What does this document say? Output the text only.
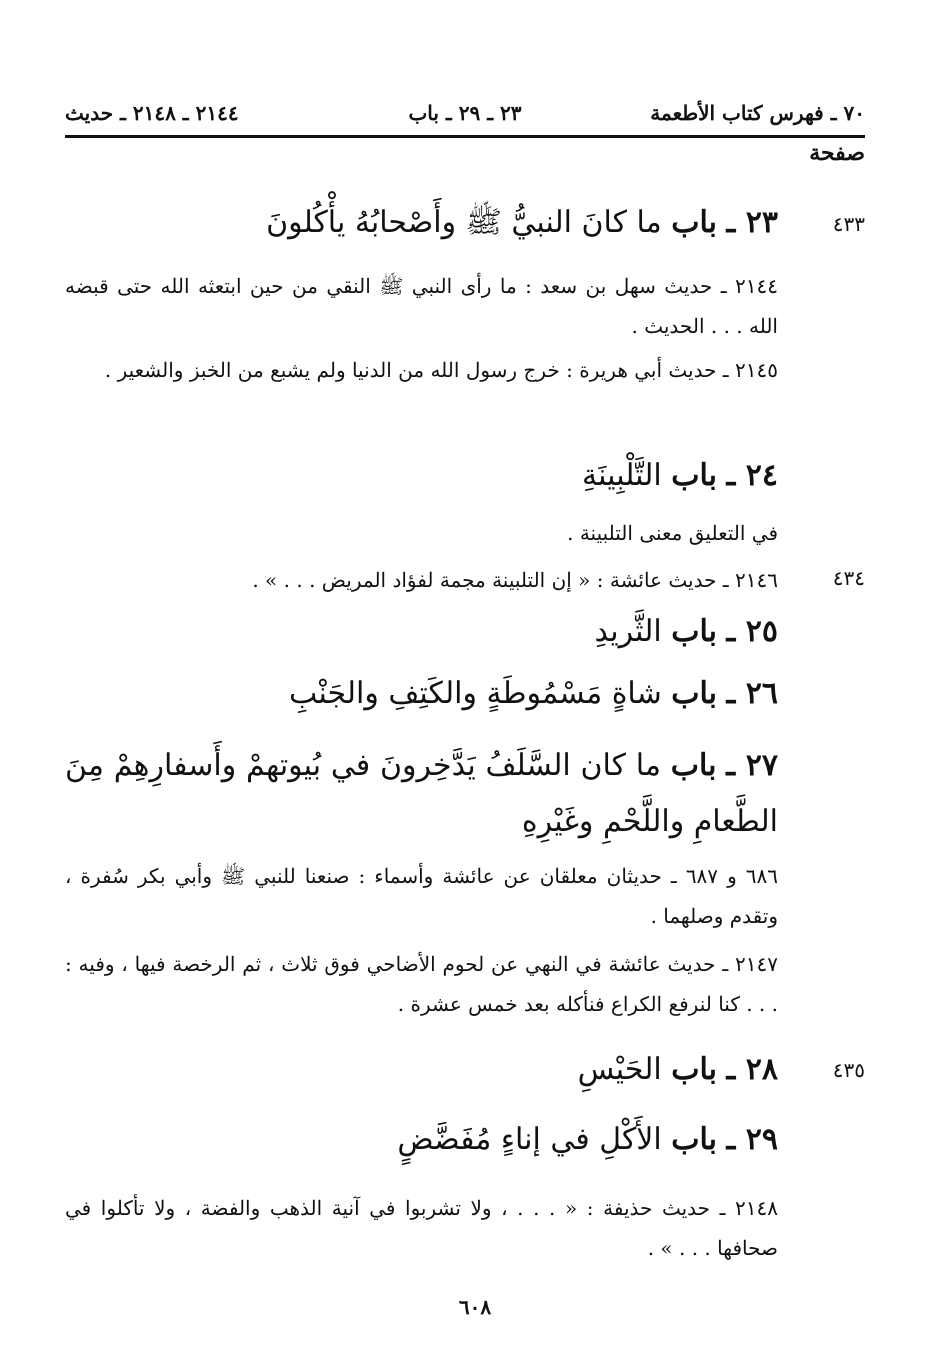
٧٠ ـ فهرس كتاب الأطعمة
٢٣ ـ ٢٩ ـ باب
٢١٤٤ ـ ٢١٤٨ ـ حديث
صفحة
٤٣٣
٢٣ ـ باب ما كانَ النبيُّ ﷺ وأَصْحابُهُ يأْكُلونَ
٢١٤٤ ـ حديث سهل بن سعد : ما رأى النبي ﷺ النقي من حين ابتعثه الله حتى قبضه الله . . . الحديث .
٢١٤٥ ـ حديث أبي هريرة : خرج رسول الله من الدنيا ولم يشبع من الخبز والشعير .
٢٤ ـ باب التَّلْبِينَةِ
في التعليق معنى التلبينة .
٤٣٤
٢١٤٦ ـ حديث عائشة : « إن التلبينة مجمة لفؤاد المريض . . . » .
٢٥ ـ باب الثَّريدِ
٢٦ ـ باب شاةٍ مَسْمُوطَةٍ والكَتِفِ والجَنْبِ
٢٧ ـ باب ما كان السَّلَفُ يَدَّخِرونَ في بُيوتهمْ وأَسفارِهِمْ مِنَ الطَّعامِ واللَّحْمِ وغَيْرِهِ
٦٨٦ و ٦٨٧ ـ حديثان معلقان عن عائشة وأسماء : صنعنا للنبي ﷺ وأبي بكر سُفرة ، وتقدم وصلهما .
٢١٤٧ ـ حديث عائشة في النهي عن لحوم الأضاحي فوق ثلاث ، ثم الرخصة فيها ، وفيه : . . . كنا لنرفع الكراع فنأكله بعد خمس عشرة .
٤٣٥
٢٨ ـ باب الحَيْسِ
٢٩ ـ باب الأَكْلِ في إناءٍ مُفَضَّضٍ
٢١٤٨ ـ حديث حذيفة : « . . . ، ولا تشربوا في آنية الذهب والفضة ، ولا تأكلوا في صحافها . . . » .
٦٠٨
